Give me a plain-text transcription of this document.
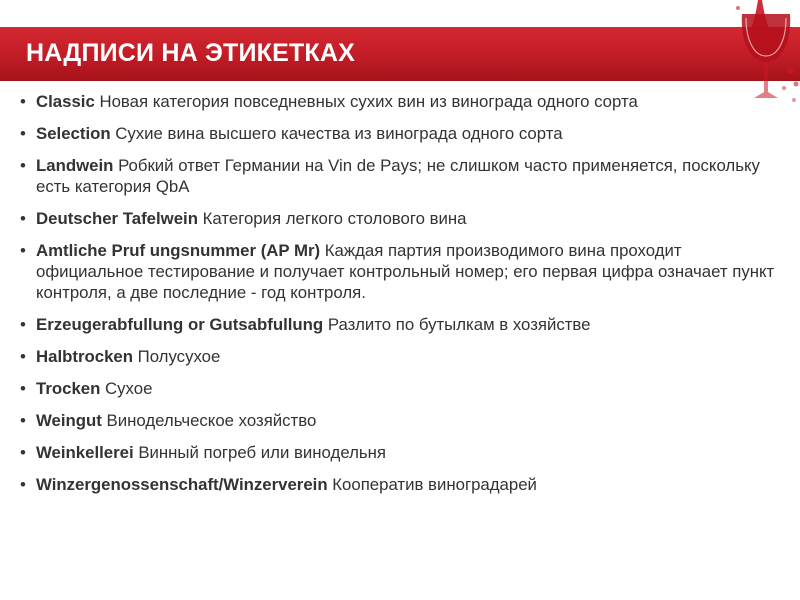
НАДПИСИ НА ЭТИКЕТКАХ
• Classic Новая категория повседневных сухих вин из винограда одного сорта
• Selection Сухие вина высшего качества из винограда одного сорта
• Landwein Робкий ответ Германии на Vin de Pays; не слишком часто применяется, поскольку есть категория QbA
• Deutscher Tafelwein Категория легкого столового вина
• Amtliche Pruf ungsnummer (AP Mr) Каждая партия производимого вина проходит официальное тестирование и получает контрольный номер; его первая цифра означает пункт контроля, а две последние - год контроля.
• Erzeugerabfullung or Gutsabfullung Разлито по бутылкам в хозяйстве
• Halbtrocken Полусухое
• Trocken Сухое
• Weingut Винодельческое хозяйство
• Weinkellerei Винный погреб или винодельня
• Winzergenossenschaft/Winzerverein Кооператив виноградарей
